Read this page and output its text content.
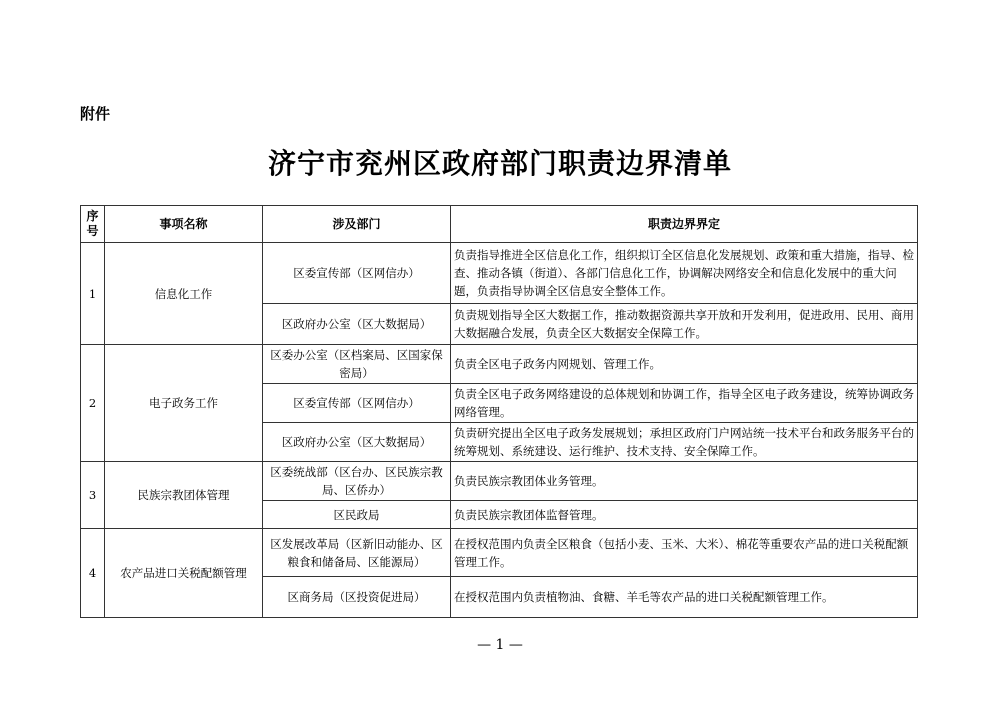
附件
济宁市兖州区政府部门职责边界清单
序号	事项名称	涉及部门	职责边界界定
1	信息化工作	区委宣传部（区网信办）	负责指导推进全区信息化工作，组织拟订全区信息化发展规划、政策和重大措施，指导、检查、推动各镇（街道）、各部门信息化工作，协调解决网络安全和信息化发展中的重大问题，负责指导协调全区信息安全整体工作。
		区政府办公室（区大数据局）	负责规划指导全区大数据工作，推动数据资源共享开放和开发利用，促进政用、民用、商用大数据融合发展，负责全区大数据安全保障工作。
2	电子政务工作	区委办公室（区档案局、区国家保密局）	负责全区电子政务内网规划、管理工作。
		区委宣传部（区网信办）	负责全区电子政务网络建设的总体规划和协调工作，指导全区电子政务建设，统筹协调政务网络管理。
		区政府办公室（区大数据局）	负责研究提出全区电子政务发展规划；承担区政府门户网站统一技术平台和政务服务平台的统筹规划、系统建设、运行维护、技术支持、安全保障工作。
3	民族宗教团体管理	区委统战部（区台办、区民族宗教局、区侨办）	负责民族宗教团体业务管理。
		区民政局	负责民族宗教团体监督管理。
4	农产品进口关税配额管理	区发展改革局（区新旧动能办、区粮食和储备局、区能源局）	在授权范围内负责全区粮食（包括小麦、玉米、大米）、棉花等重要农产品的进口关税配额管理工作。
		区商务局（区投资促进局）	在授权范围内负责植物油、食糖、羊毛等农产品的进口关税配额管理工作。
— 1 —
